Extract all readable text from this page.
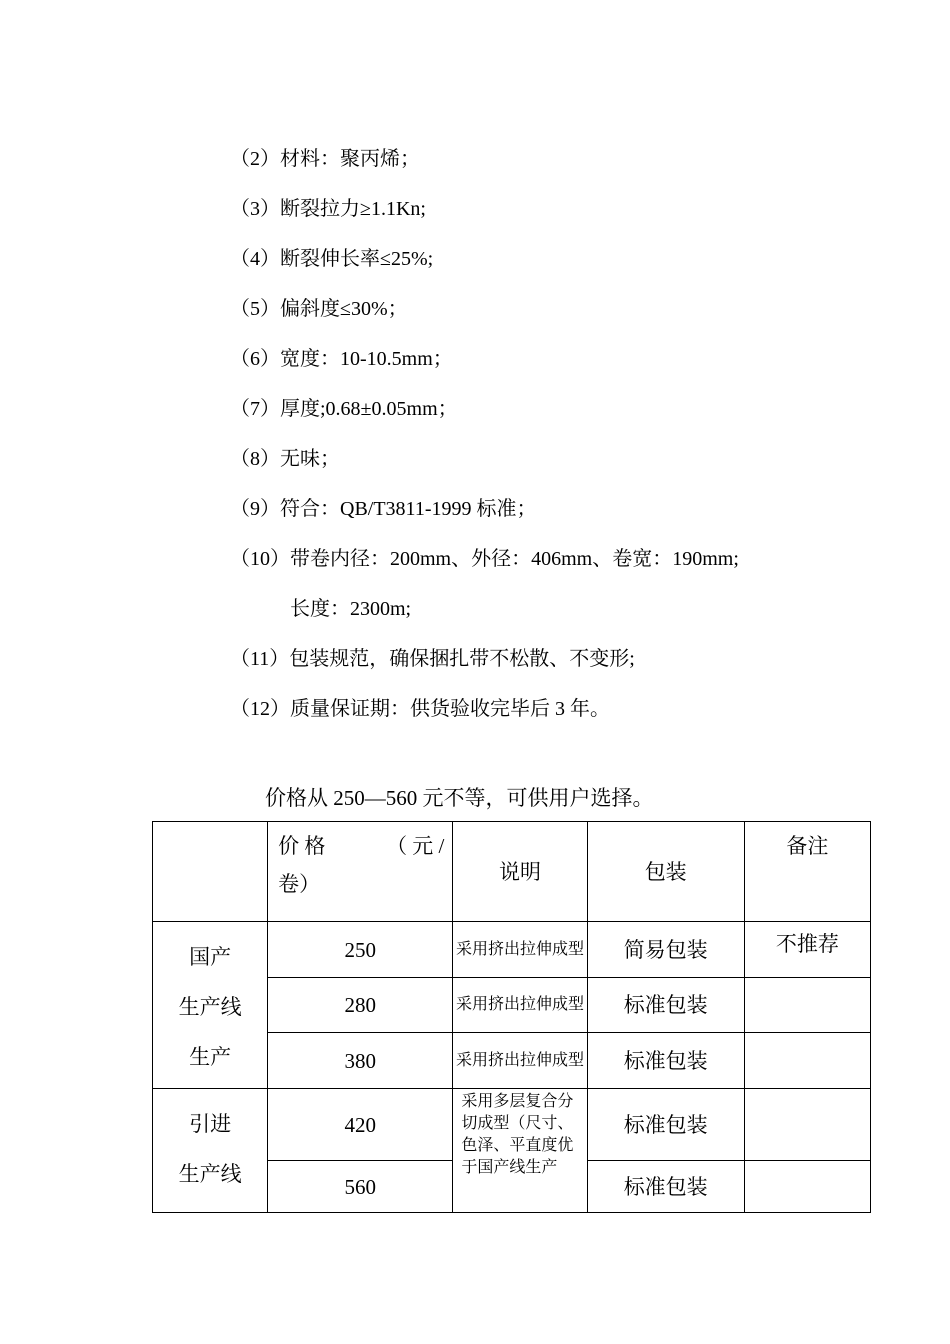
（2）材料：聚丙烯；
（3）断裂拉力≥1.1Kn;
（4）断裂伸长率≤25%;
（5）偏斜度≤30%；
（6）宽度：10-10.5mm；
（7）厚度;0.68±0.05mm；
（8）无味；
（9）符合：QB/T3811-1999 标准；
（10）带卷内径：200mm、外径：406mm、卷宽：190mm;
长度：2300m;
（11）包装规范，确保捆扎带不松散、不变形;
（12）质量保证期：供货验收完毕后 3 年。
价格从 250—560 元不等，可供用户选择。

	价 格 （ 元 /
卷）	说明	包装	备注

国产
生产线
生产	250	采用挤出拉伸成型	简易包装	不推荐
	280	采用挤出拉伸成型	标准包装	
	380	采用挤出拉伸成型	标准包装	

引进
生产线	420	采用多层复合分切成型（尺寸、色泽、平直度优于国产线生产	标准包装	
	560		标准包装	
